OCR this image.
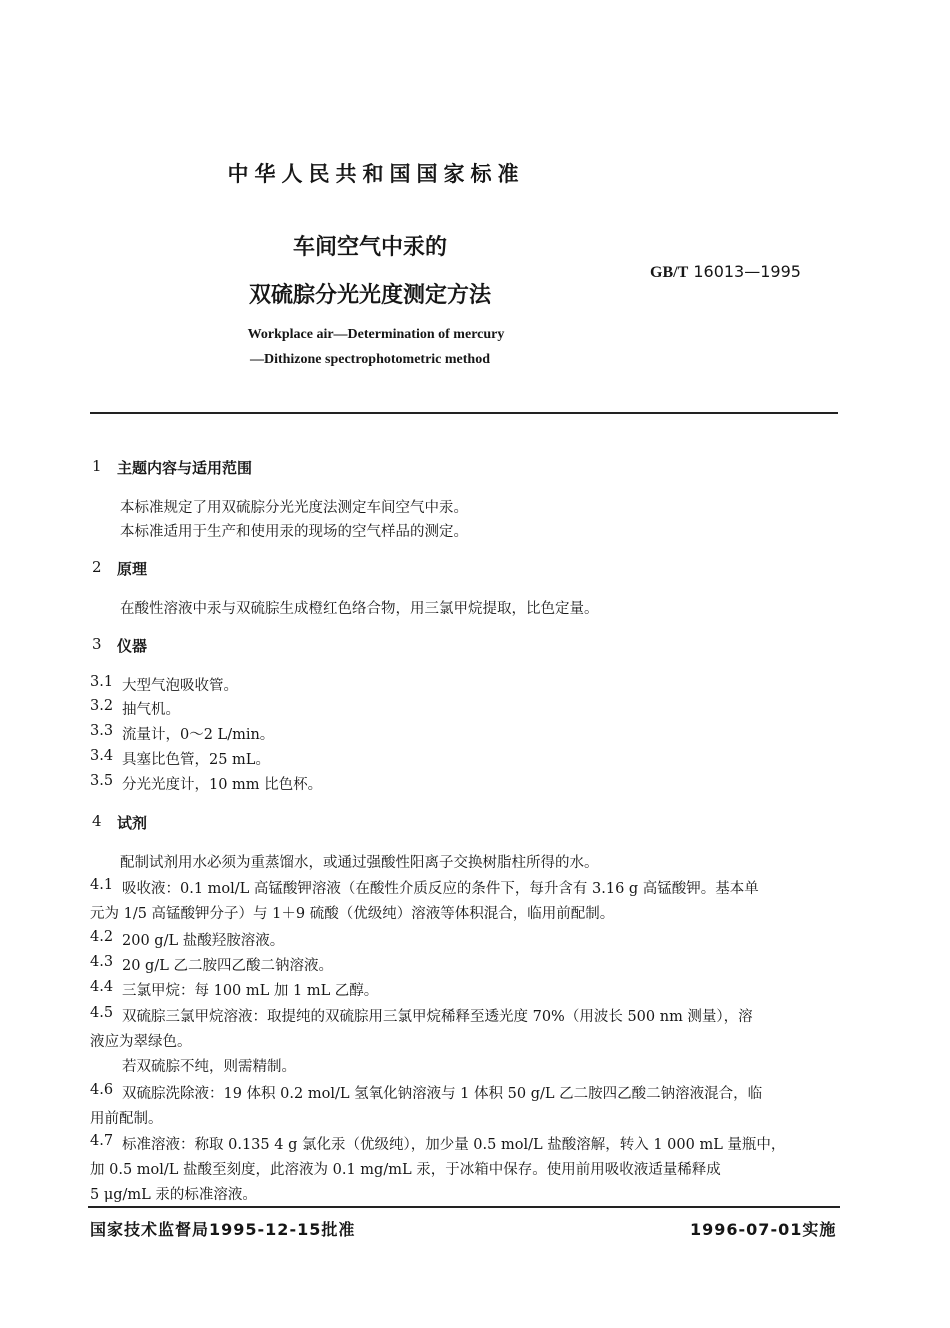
中华人民共和国国家标准
车间空气中汞的
双硫腙分光光度测定方法
GB/T 16013—1995
Workplace air—Determination of mercury
—Dithizone spectrophotometric method
1 主题内容与适用范围
本标准规定了用双硫腙分光光度法测定车间空气中汞。
本标准适用于生产和使用汞的现场的空气样品的测定。
2 原理
在酸性溶液中汞与双硫腙生成橙红色络合物，用三氯甲烷提取，比色定量。
3 仪器
3.1 大型气泡吸收管。
3.2 抽气机。
3.3 流量计，0～2 L/min。
3.4 具塞比色管，25 mL。
3.5 分光光度计，10 mm 比色杯。
4 试剂
配制试剂用水必须为重蒸馏水，或通过强酸性阳离子交换树脂柱所得的水。
4.1 吸收液：0.1 mol/L 高锰酸钾溶液（在酸性介质反应的条件下，每升含有 3.16 g 高锰酸钾。基本单
元为 1/5 高锰酸钾分子）与 1＋9 硫酸（优级纯）溶液等体积混合，临用前配制。
4.2 200 g/L 盐酸羟胺溶液。
4.3 20 g/L 乙二胺四乙酸二钠溶液。
4.4 三氯甲烷：每 100 mL 加 1 mL 乙醇。
4.5 双硫腙三氯甲烷溶液：取提纯的双硫腙用三氯甲烷稀释至透光度 70%（用波长 500 nm 测量），溶
液应为翠绿色。
若双硫腙不纯，则需精制。
4.6 双硫腙洗除液：19 体积 0.2 mol/L 氢氧化钠溶液与 1 体积 50 g/L 乙二胺四乙酸二钠溶液混合，临
用前配制。
4.7 标准溶液：称取 0.135 4 g 氯化汞（优级纯），加少量 0.5 mol/L 盐酸溶解，转入 1 000 mL 量瓶中，
加 0.5 mol/L 盐酸至刻度，此溶液为 0.1 mg/mL 汞，于冰箱中保存。使用前用吸收液适量稀释成
5 μg/mL 汞的标准溶液。
国家技术监督局1995-12-15批准	1996-07-01实施
